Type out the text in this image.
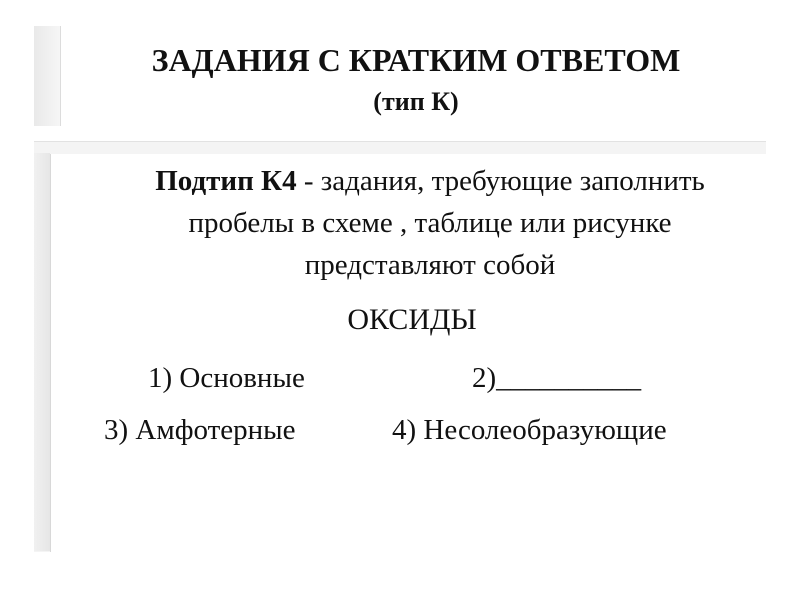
ЗАДАНИЯ С КРАТКИМ ОТВЕТОМ
(тип К)
Подтип К4 - задания, требующие заполнить пробелы в схеме , таблице или рисунке представляют собой
ОКСИДЫ
1) Основные	2)__________
3) Амфотерные	4) Несолеобразующие
